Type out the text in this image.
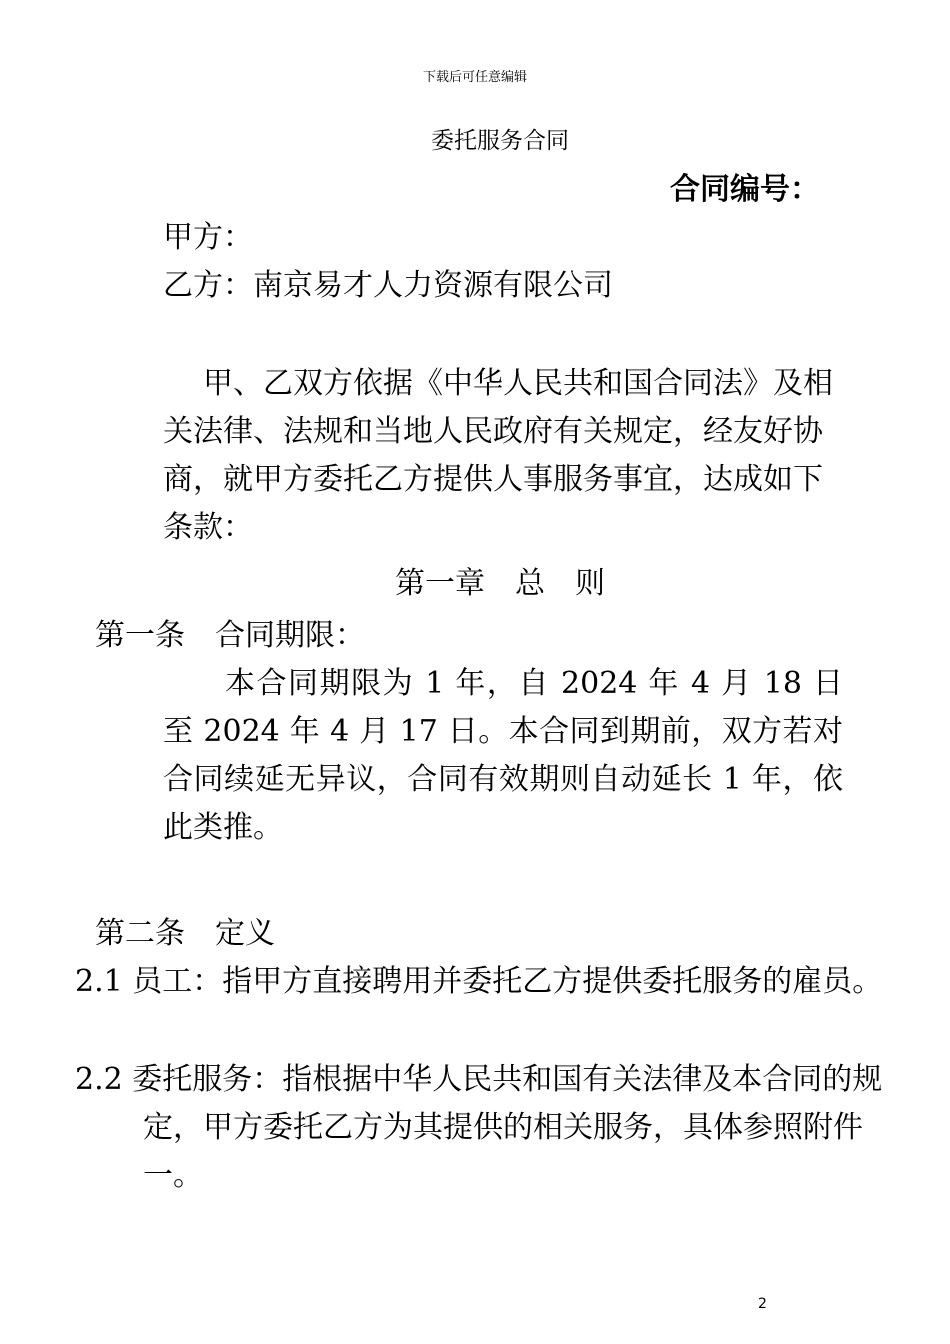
下载后可任意编辑
委托服务合同
合同编号：
甲方：
乙方：南京易才人力资源有限公司
甲、乙双方依据《中华人民共和国合同法》及相关法律、法规和当地人民政府有关规定，经友好协商，就甲方委托乙方提供人事服务事宜，达成如下条款：
第一章　总　则
第一条　合同期限：
本合同期限为 1 年，自 2024 年 4 月 18 日至 2024 年 4 月 17 日。本合同到期前，双方若对合同续延无异议，合同有效期则自动延长 1 年，依此类推。
第二条　定义
2.1 员工：指甲方直接聘用并委托乙方提供委托服务的雇员。
2.2 委托服务：指根据中华人民共和国有关法律及本合同的规定，甲方委托乙方为其提供的相关服务，具体参照附件一。
2
